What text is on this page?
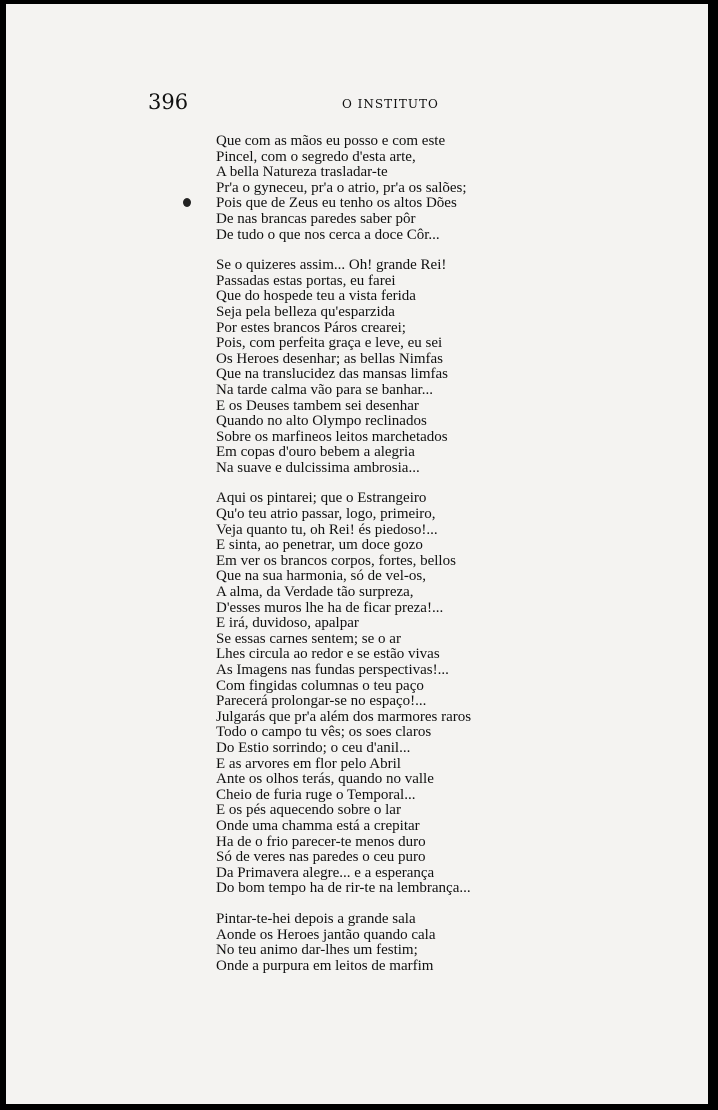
396	O INSTITUTO
Que com as mãos eu posso e com este
Pincel, com o segredo d'esta arte,
A bella Natureza trasladar-te
Pr'a o gyneceu, pr'a o atrio, pr'a os salões;
Pois que de Zeus eu tenho os altos Dões
De nas brancas paredes saber pôr
De tudo o que nos cerca a doce Côr...
Se o quizeres assim... Oh! grande Rei!
Passadas estas portas, eu farei
Que do hospede teu a vista ferida
Seja pela belleza qu'esparzida
Por estes brancos Páros crearei;
Pois, com perfeita graça e leve, eu sei
Os Heroes desenhar; as bellas Nimfas
Que na translucidez das mansas limfas
Na tarde calma vão para se banhar...
E os Deuses tambem sei desenhar
Quando no alto Olympo reclinados
Sobre os marfineos leitos marchetados
Em copas d'ouro bebem a alegria
Na suave e dulcissima ambrosia...
Aqui os pintarei; que o Estrangeiro
Qu'o teu atrio passar, logo, primeiro,
Veja quanto tu, oh Rei! és piedoso!...
E sinta, ao penetrar, um doce gozo
Em ver os brancos corpos, fortes, bellos
Que na sua harmonia, só de vel-os,
A alma, da Verdade tão surpreza,
D'esses muros lhe ha de ficar preza!...
E irá, duvidoso, apalpar
Se essas carnes sentem; se o ar
Lhes circula ao redor e se estão vivas
As Imagens nas fundas perspectivas!...
Com fingidas columnas o teu paço
Parecerá prolongar-se no espaço!...
Julgarás que pr'a além dos marmores raros
Todo o campo tu vês; os soes claros
Do Estio sorrindo; o ceu d'anil...
E as arvores em flor pelo Abril
Ante os olhos terás, quando no valle
Cheio de furia ruge o Temporal...
E os pés aquecendo sobre o lar
Onde uma chamma está a crepitar
Ha de o frio parecer-te menos duro
Só de veres nas paredes o ceu puro
Da Primavera alegre... e a esperança
Do bom tempo ha de rir-te na lembrança...
Pintar-te-hei depois a grande sala
Aonde os Heroes jantão quando cala
No teu animo dar-lhes um festim;
Onde a purpura em leitos de marfim
